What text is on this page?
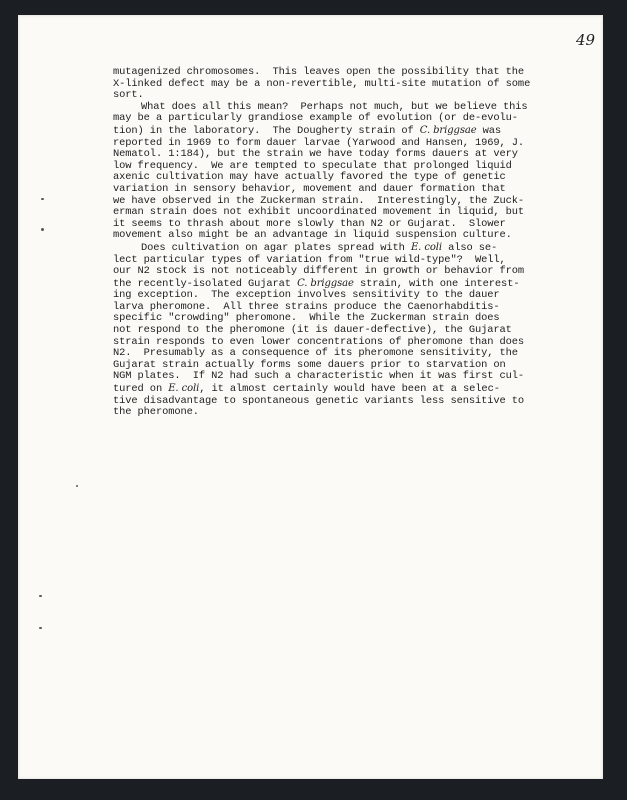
49
mutagenized chromosomes.  This leaves open the possibility that the
X-linked defect may be a non-revertible, multi-site mutation of some
sort.
What does all this mean?  Perhaps not much, but we believe this
may be a particularly grandiose example of evolution (or de-evolu-
tion) in the laboratory.  The Dougherty strain of C. briggsae was
reported in 1969 to form dauer larvae (Yarwood and Hansen, 1969, J.
Nematol. 1:184), but the strain we have today forms dauers at very
low frequency.  We are tempted to speculate that prolonged liquid
axenic cultivation may have actually favored the type of genetic
variation in sensory behavior, movement and dauer formation that
we have observed in the Zuckerman strain.  Interestingly, the Zuck-
erman strain does not exhibit uncoordinated movement in liquid, but
it seems to thrash about more slowly than N2 or Gujarat.  Slower
movement also might be an advantage in liquid suspension culture.
Does cultivation on agar plates spread with E. coli also se-
lect particular types of variation from "true wild-type"?  Well,
our N2 stock is not noticeably different in growth or behavior from
the recently-isolated Gujarat C. briggsae strain, with one interest-
ing exception.  The exception involves sensitivity to the dauer
larva pheromone.  All three strains produce the Caenorhabditis-
specific "crowding" pheromone.  While the Zuckerman strain does
not respond to the pheromone (it is dauer-defective), the Gujarat
strain responds to even lower concentrations of pheromone than does
N2.  Presumably as a consequence of its pheromone sensitivity, the
Gujarat strain actually forms some dauers prior to starvation on
NGM plates.  If N2 had such a characteristic when it was first cul-
tured on E. coli, it almost certainly would have been at a selec-
tive disadvantage to spontaneous genetic variants less sensitive to
the pheromone.
